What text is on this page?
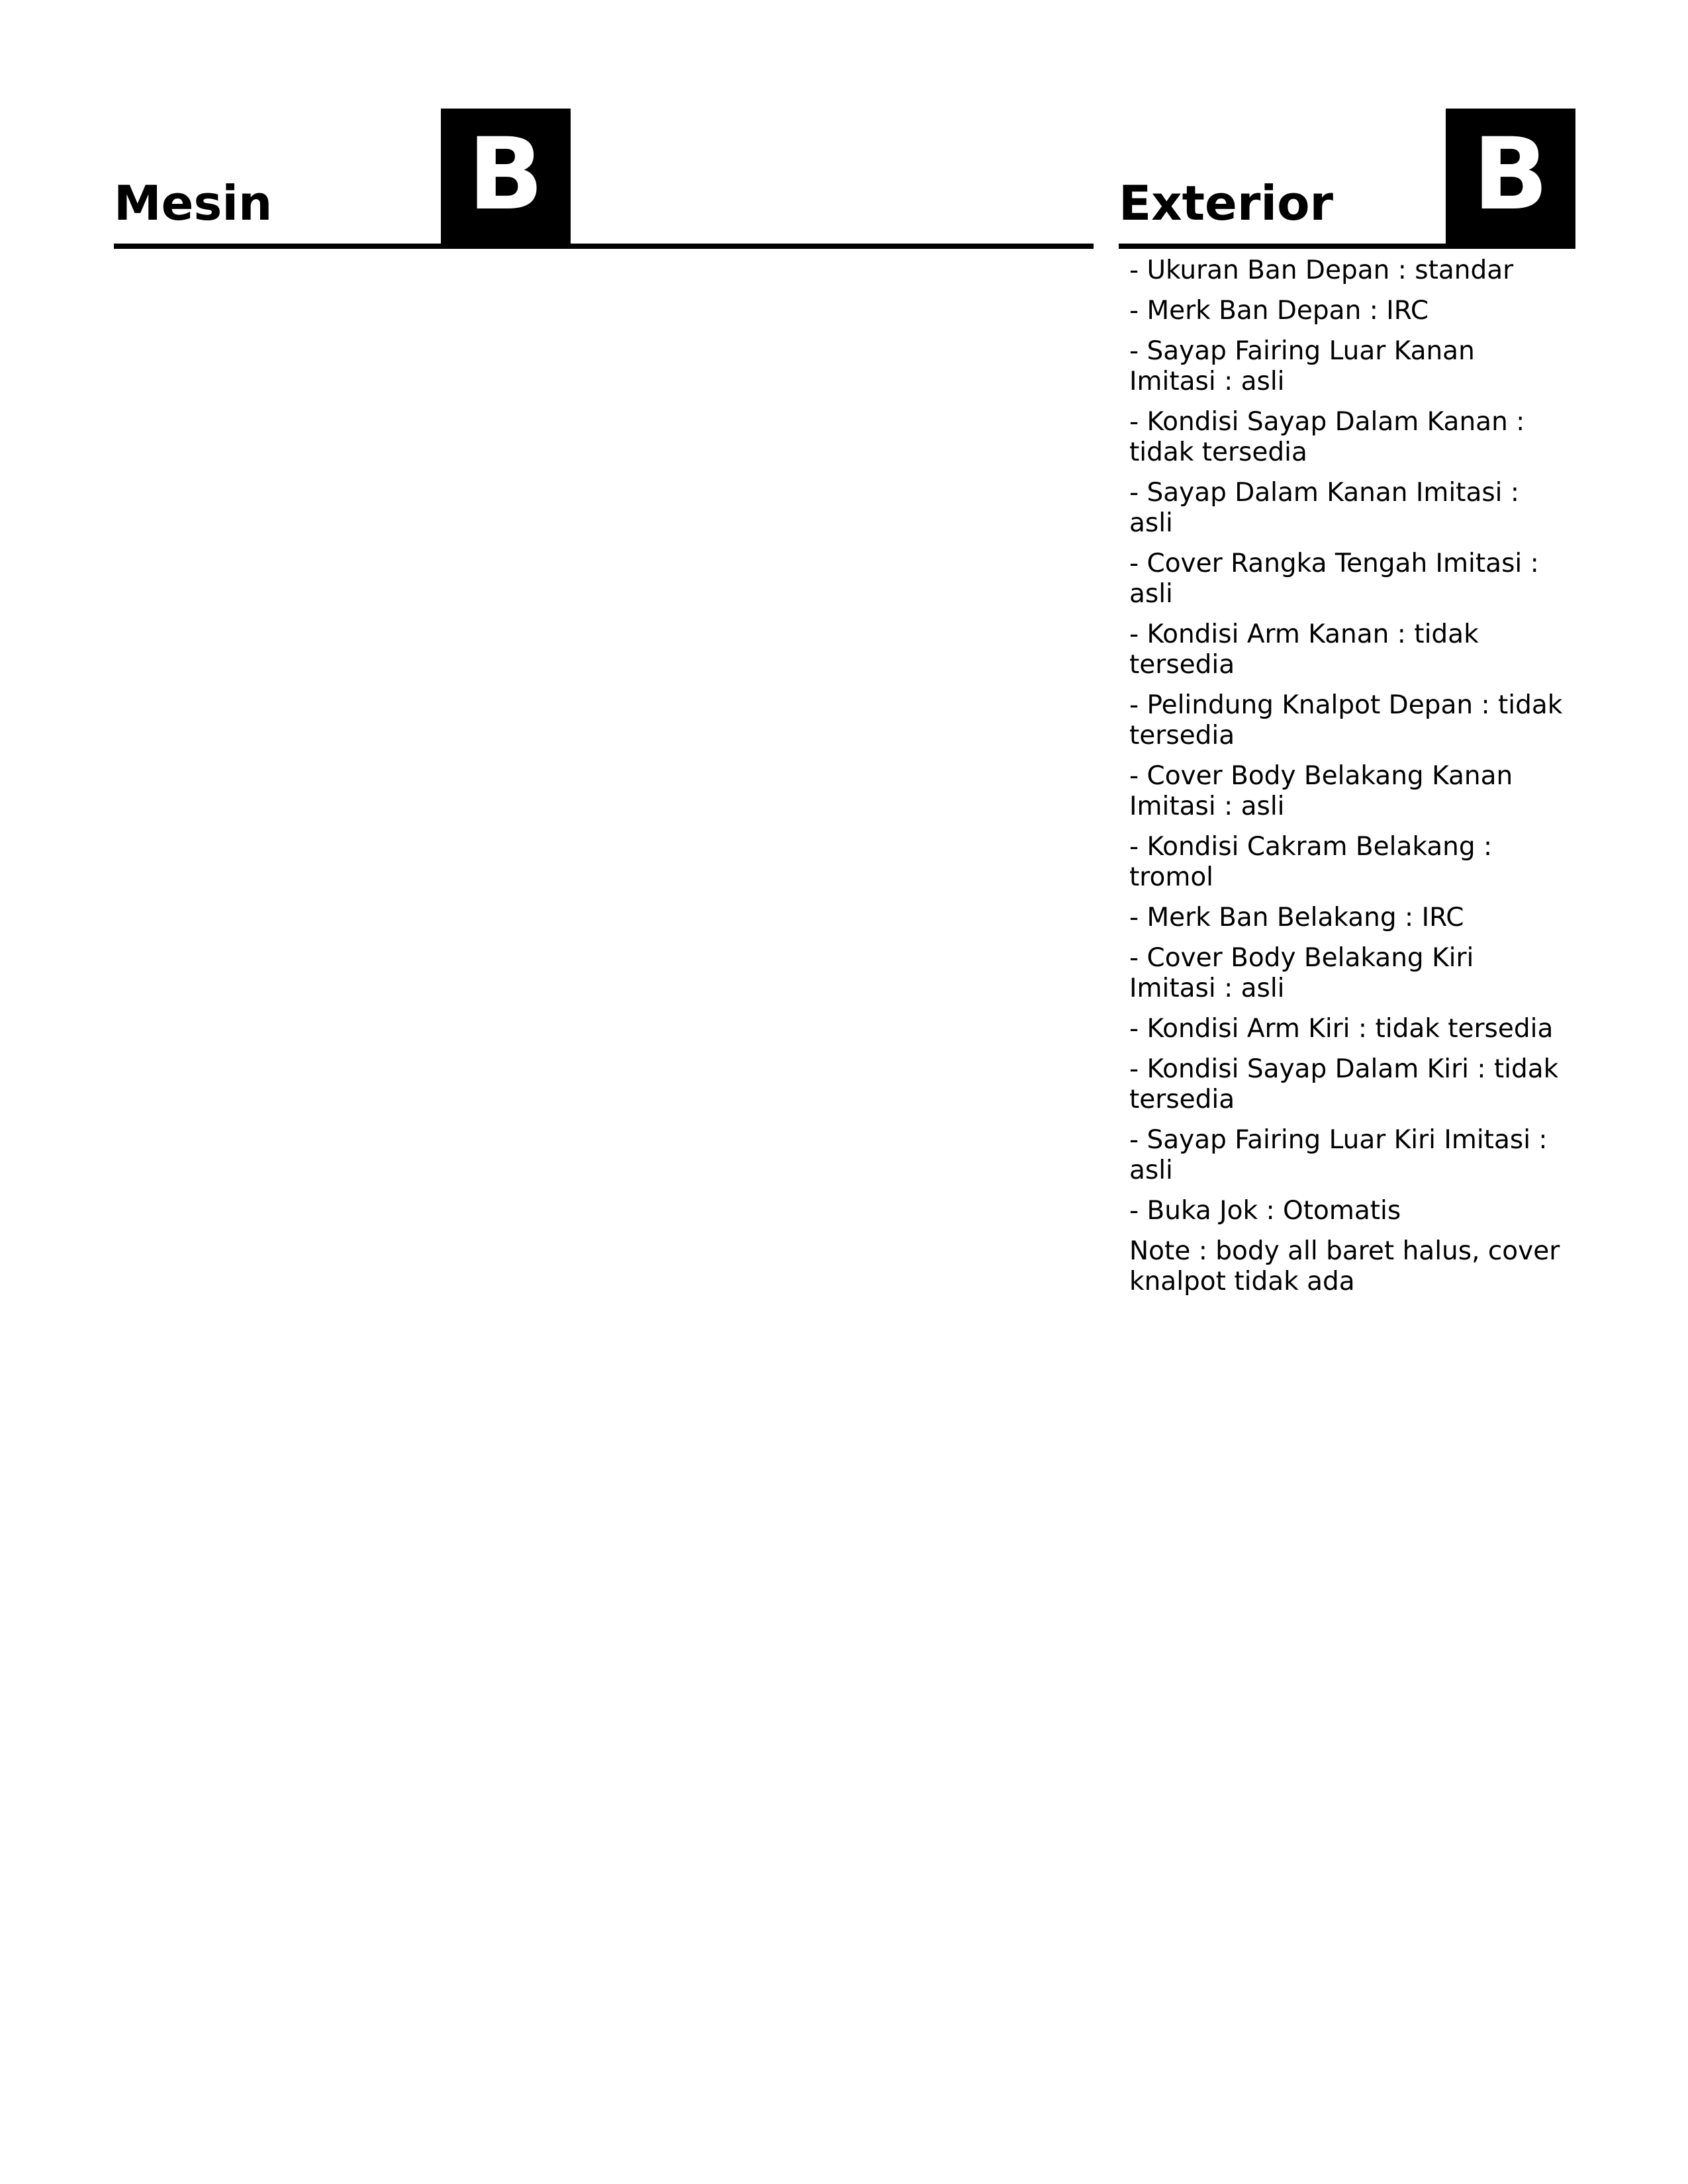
Mesin B	Exterior B
- Ukuran Ban Depan : standar
- Merk Ban Depan : IRC
- Sayap Fairing Luar Kanan Imitasi : asli
- Kondisi Sayap Dalam Kanan : tidak tersedia
- Sayap Dalam Kanan Imitasi : asli
- Cover Rangka Tengah Imitasi : asli
- Kondisi Arm Kanan : tidak tersedia
- Pelindung Knalpot Depan : tidak tersedia
- Cover Body Belakang Kanan Imitasi : asli
- Kondisi Cakram Belakang : tromol
- Merk Ban Belakang : IRC
- Cover Body Belakang Kiri Imitasi : asli
- Kondisi Arm Kiri : tidak tersedia
- Kondisi Sayap Dalam Kiri : tidak tersedia
- Sayap Fairing Luar Kiri Imitasi : asli
- Buka Jok : Otomatis
Note : body all baret halus, cover knalpot tidak ada
